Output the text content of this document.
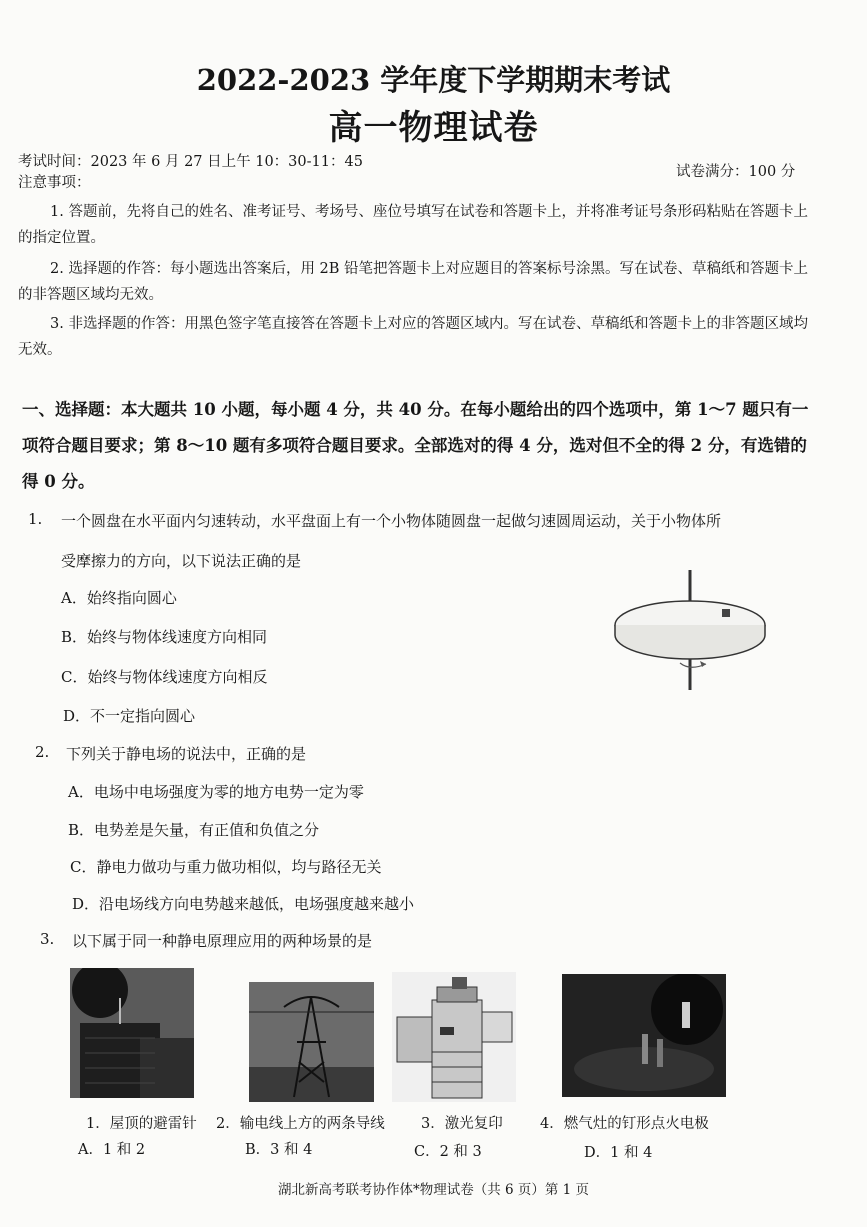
2022-2023 学年度下学期期末考试
高一物理试卷
考试时间：2023 年 6 月 27 日上午 10：30-11：45
试卷满分：100 分
注意事项：
1. 答题前，先将自己的姓名、准考证号、考场号、座位号填写在试卷和答题卡上，并将准考证号条形码粘贴在答题卡上的指定位置。
2. 选择题的作答：每小题选出答案后，用 2B 铅笔把答题卡上对应题目的答案标号涂黑。写在试卷、草稿纸和答题卡上的非答题区域均无效。
3. 非选择题的作答：用黑色签字笔直接答在答题卡上对应的答题区域内。写在试卷、草稿纸和答题卡上的非答题区域均无效。
一、选择题：本大题共 10 小题，每小题 4 分，共 40 分。在每小题给出的四个选项中，第 1～7 题只有一项符合题目要求；第 8～10 题有多项符合题目要求。全部选对的得 4 分，选对但不全的得 2 分，有选错的得 0 分。
1. 一个圆盘在水平面内匀速转动，水平盘面上有一个小物体随圆盘一起做匀速圆周运动，关于小物体所
受摩擦力的方向，以下说法正确的是
A．始终指向圆心
B．始终与物体线速度方向相同
C．始终与物体线速度方向相反
D．不一定指向圆心
2. 下列关于静电场的说法中，正确的是
A．电场中电场强度为零的地方电势一定为零
B．电势差是矢量，有正值和负值之分
C．静电力做功与重力做功相似，均与路径无关
D．沿电场线方向电势越来越低，电场强度越来越小
3. 以下属于同一种静电原理应用的两种场景的是
1．屋顶的避雷针 2．输电线上方的两条导线	3．激光复印	4．燃气灶的钉形点火电极
A．1 和 2	B．3 和 4	C．2 和 3	D．1 和 4
湖北新高考联考协作体*物理试卷（共 6 页）第 1 页
